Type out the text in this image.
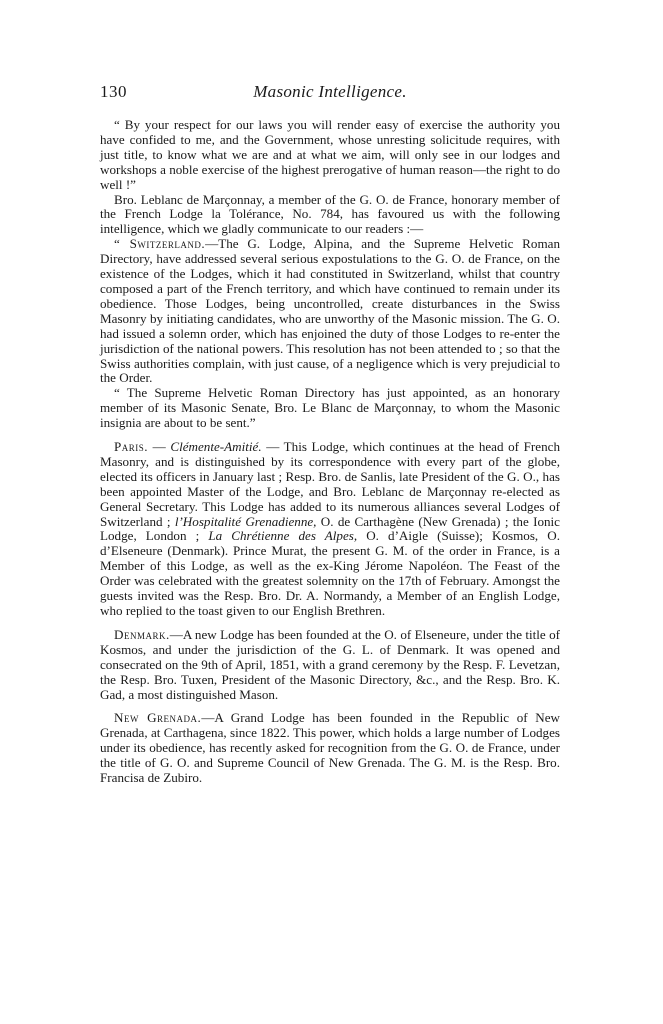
130	Masonic Intelligence.

“ By your respect for our laws you will render easy of exercise the authority you have confided to me, and the Government, whose unresting solicitude requires, with just title, to know what we are and at what we aim, will only see in our lodges and workshops a noble exercise of the highest prerogative of human reason—the right to do well !”

Bro. Leblanc de Marçonnay, a member of the G. O. de France, honorary member of the French Lodge la Tolérance, No. 784, has favoured us with the following intelligence, which we gladly communicate to our readers :—

“ Switzerland.—The G. Lodge, Alpina, and the Supreme Helvetic Roman Directory, have addressed several serious expostulations to the G. O. de France, on the existence of the Lodges, which it had constituted in Switzerland, whilst that country composed a part of the French territory, and which have continued to remain under its obedience. Those Lodges, being uncontrolled, create disturbances in the Swiss Masonry by initiating candidates, who are unworthy of the Masonic mission. The G. O. had issued a solemn order, which has enjoined the duty of those Lodges to re-enter the jurisdiction of the national powers. This resolution has not been attended to ; so that the Swiss authorities complain, with just cause, of a negligence which is very prejudicial to the Order.

“ The Supreme Helvetic Roman Directory has just appointed, as an honorary member of its Masonic Senate, Bro. Le Blanc de Marçonnay, to whom the Masonic insignia are about to be sent.”

Paris. — Clémente-Amitié. — This Lodge, which continues at the head of French Masonry, and is distinguished by its correspondence with every part of the globe, elected its officers in January last ; Resp. Bro. de Sanlis, late President of the G. O., has been appointed Master of the Lodge, and Bro. Leblanc de Marçonnay re-elected as General Secretary. This Lodge has added to its numerous alliances several Lodges of Switzerland ; l’Hospitalité Grenadienne, O. de Carthagène (New Grenada) ; the Ionic Lodge, London ; La Chrétienne des Alpes, O. d’Aigle (Suisse); Kosmos, O. d’Elseneure (Denmark). Prince Murat, the present G. M. of the order in France, is a Member of this Lodge, as well as the ex-King Jérome Napoléon. The Feast of the Order was celebrated with the greatest solemnity on the 17th of February. Amongst the guests invited was the Resp. Bro. Dr. A. Normandy, a Member of an English Lodge, who replied to the toast given to our English Brethren.

Denmark.—A new Lodge has been founded at the O. of Elseneure, under the title of Kosmos, and under the jurisdiction of the G. L. of Denmark. It was opened and consecrated on the 9th of April, 1851, with a grand ceremony by the Resp. F. Levetzan, the Resp. Bro. Tuxen, President of the Masonic Directory, &c., and the Resp. Bro. K. Gad, a most distinguished Mason.

New Grenada.—A Grand Lodge has been founded in the Republic of New Grenada, at Carthagena, since 1822. This power, which holds a large number of Lodges under its obedience, has recently asked for recognition from the G. O. de France, under the title of G. O. and Supreme Council of New Grenada. The G. M. is the Resp. Bro. Francisa de Zubiro.
